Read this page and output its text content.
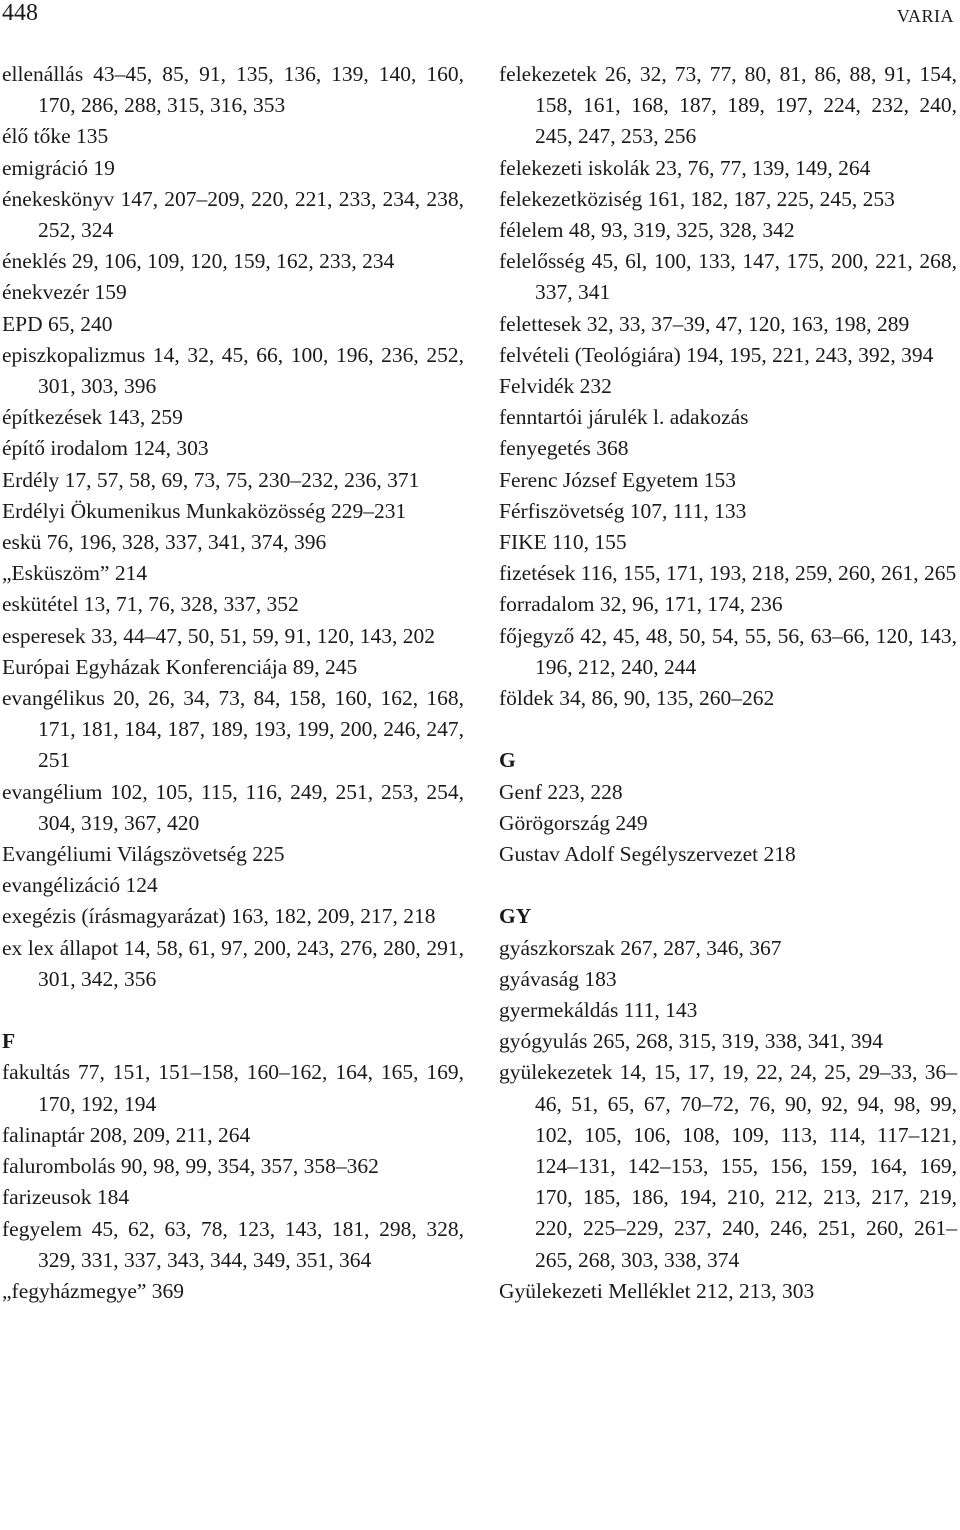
448	VARIA

ellenállás 43–45, 85, 91, 135, 136, 139, 140, 160, 170, 286, 288, 315, 316, 353

élő tőke 135

emigráció 19

énekeskönyv 147, 207–209, 220, 221, 233, 234, 238, 252, 324

éneklés 29, 106, 109, 120, 159, 162, 233, 234

énekvezér 159

EPD 65, 240

episzkopalizmus 14, 32, 45, 66, 100, 196, 236, 252, 301, 303, 396

építkezések 143, 259

építő irodalom 124, 303

Erdély 17, 57, 58, 69, 73, 75, 230–232, 236, 371

Erdélyi Ökumenikus Munkaközösség 229–231

eskü 76, 196, 328, 337, 341, 374, 396

„Esküszöm” 214

eskütétel 13, 71, 76, 328, 337, 352

esperesek 33, 44–47, 50, 51, 59, 91, 120, 143, 202

Európai Egyházak Konferenciája 89, 245

evangélikus 20, 26, 34, 73, 84, 158, 160, 162, 168, 171, 181, 184, 187, 189, 193, 199, 200, 246, 247, 251

evangélium 102, 105, 115, 116, 249, 251, 253, 254, 304, 319, 367, 420

Evangéliumi Világszövetség 225

evangélizáció 124

exegézis (írásmagyarázat) 163, 182, 209, 217, 218

ex lex állapot 14, 58, 61, 97, 200, 243, 276, 280, 291, 301, 342, 356

F

fakultás 77, 151, 151–158, 160–162, 164, 165, 169, 170, 192, 194

falinaptár 208, 209, 211, 264

falurombolás 90, 98, 99, 354, 357, 358–362

farizeusok 184

fegyelem 45, 62, 63, 78, 123, 143, 181, 298, 328, 329, 331, 337, 343, 344, 349, 351, 364

„fegyházmegye” 369

felekezetek 26, 32, 73, 77, 80, 81, 86, 88, 91, 154, 158, 161, 168, 187, 189, 197, 224, 232, 240, 245, 247, 253, 256

felekezeti iskolák 23, 76, 77, 139, 149, 264

felekezetköziség 161, 182, 187, 225, 245, 253

félelem 48, 93, 319, 325, 328, 342

felelősség 45, 6l, 100, 133, 147, 175, 200, 221, 268, 337, 341

felettesek 32, 33, 37–39, 47, 120, 163, 198, 289

felvételi (Teológiára) 194, 195, 221, 243, 392, 394

Felvidék 232

fenntartói járulék l. adakozás

fenyegetés 368

Ferenc József Egyetem 153

Férfiszövetség 107, 111, 133

FIKE 110, 155

fizetések 116, 155, 171, 193, 218, 259, 260, 261, 265

forradalom 32, 96, 171, 174, 236

főjegyző 42, 45, 48, 50, 54, 55, 56, 63–66, 120, 143, 196, 212, 240, 244

földek 34, 86, 90, 135, 260–262

G

Genf 223, 228

Görögország 249

Gustav Adolf Segélyszervezet 218

GY

gyászkorszak 267, 287, 346, 367

gyávaság 183

gyermekáldás 111, 143

gyógyulás 265, 268, 315, 319, 338, 341, 394

gyülekezetek 14, 15, 17, 19, 22, 24, 25, 29–33, 36–46, 51, 65, 67, 70–72, 76, 90, 92, 94, 98, 99, 102, 105, 106, 108, 109, 113, 114, 117–121, 124–131, 142–153, 155, 156, 159, 164, 169, 170, 185, 186, 194, 210, 212, 213, 217, 219, 220, 225–229, 237, 240, 246, 251, 260, 261–265, 268, 303, 338, 374

Gyülekezeti Melléklet 212, 213, 303
